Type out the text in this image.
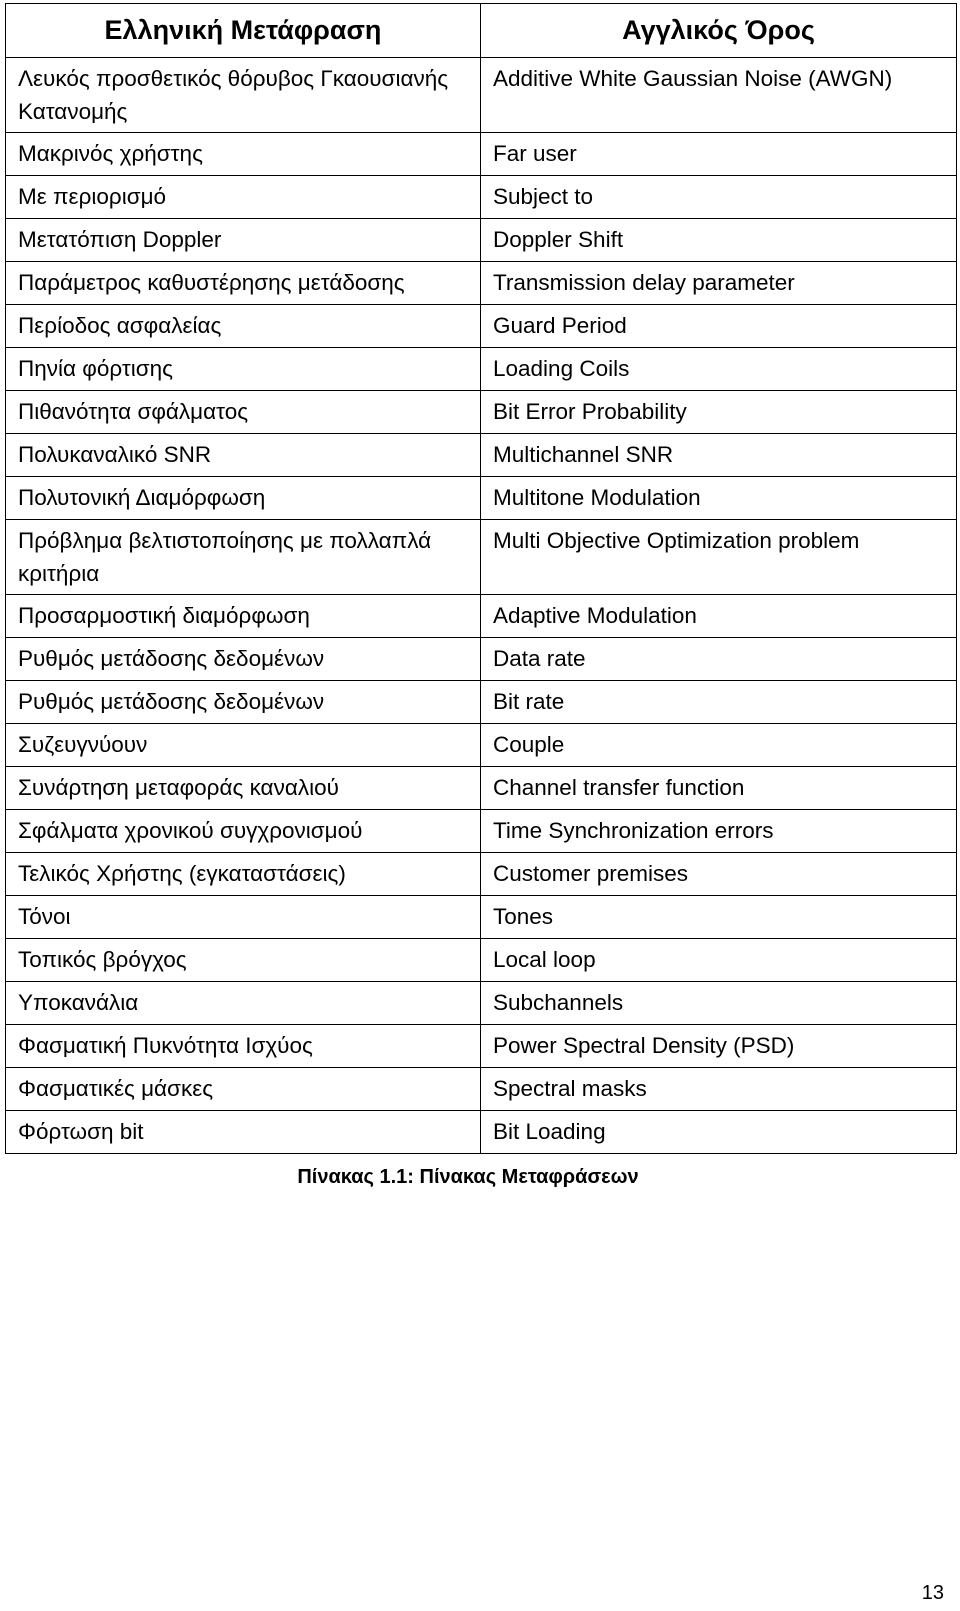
Ελληνική Μετάφραση	Αγγλικός Όρος
Λευκός προσθετικός θόρυβος Γκαουσιανής Κατανομής	Additive White Gaussian Noise (AWGN)
Μακρινός χρήστης	Far user
Με περιορισμό	Subject to
Μετατόπιση Doppler	Doppler Shift
Παράμετρος καθυστέρησης μετάδοσης	Transmission delay parameter
Περίοδος ασφαλείας	Guard Period
Πηνία φόρτισης	Loading Coils
Πιθανότητα σφάλματος	Bit Error Probability
Πολυκαναλικό SNR	Multichannel SNR
Πολυτονική Διαμόρφωση	Multitone Modulation
Πρόβλημα βελτιστοποίησης με πολλαπλά κριτήρια	Multi Objective Optimization problem
Προσαρμοστική διαμόρφωση	Adaptive Modulation
Ρυθμός μετάδοσης δεδομένων	Data rate
Ρυθμός μετάδοσης δεδομένων	Bit rate
Συζευγνύουν	Couple
Συνάρτηση μεταφοράς καναλιού	Channel transfer function
Σφάλματα χρονικού συγχρονισμού	Time Synchronization errors
Τελικός Χρήστης (εγκαταστάσεις)	Customer premises
Τόνοι	Tones
Τοπικός βρόγχος	Local loop
Υποκανάλια	Subchannels
Φασματική Πυκνότητα Ισχύος	Power Spectral Density (PSD)
Φασματικές μάσκες	Spectral masks
Φόρτωση bit	Bit Loading
Πίνακας 1.1: Πίνακας Μεταφράσεων
13
